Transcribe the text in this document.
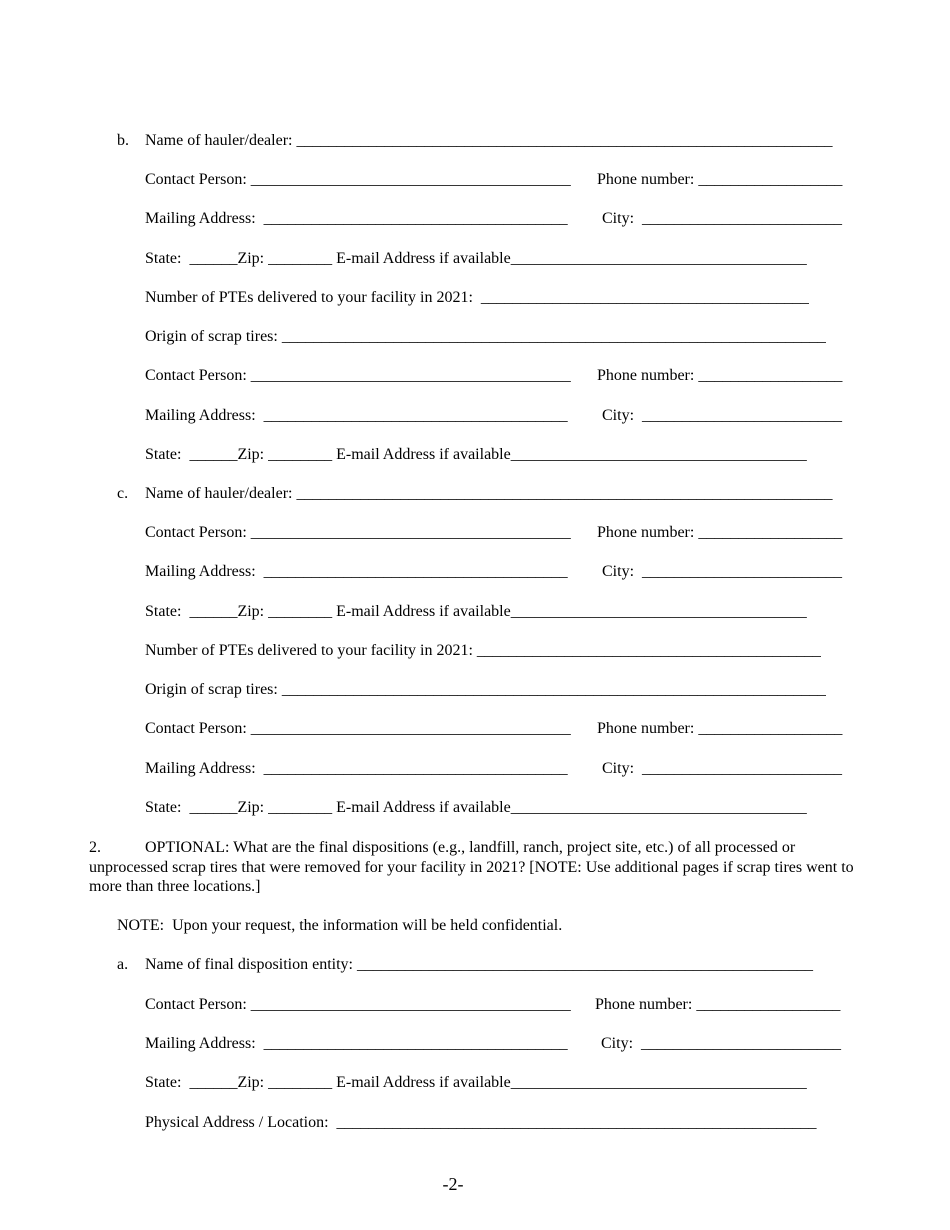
b.

Name of hauler/dealer: ___________________________________________________________________

Contact Person: ________________________________________

Phone number: __________________

Mailing Address:  ______________________________________

City:  _________________________

State:  ______Zip: ________ E-mail Address if available_____________________________________

Number of PTEs delivered to your facility in 2021:  _________________________________________

Origin of scrap tires: ____________________________________________________________________

Contact Person: ________________________________________

Phone number: __________________

Mailing Address:  ______________________________________

City:  _________________________

State:  ______Zip: ________ E-mail Address if available_____________________________________

c.

Name of hauler/dealer: ___________________________________________________________________

Contact Person: ________________________________________

Phone number: __________________

Mailing Address:  ______________________________________

City:  _________________________

State:  ______Zip: ________ E-mail Address if available_____________________________________

Number of PTEs delivered to your facility in 2021: ___________________________________________

Origin of scrap tires: ____________________________________________________________________

Contact Person: ________________________________________

Phone number: __________________

Mailing Address:  ______________________________________

City:  _________________________

State:  ______Zip: ________ E-mail Address if available_____________________________________

2.	OPTIONAL: What are the final dispositions (e.g., landfill, ranch, project site, etc.) of all processed or unprocessed scrap tires that were removed for your facility in 2021? [NOTE: Use additional pages if scrap tires went to more than three locations.]

NOTE:  Upon your request, the information will be held confidential.

a.

Name of final disposition entity: _________________________________________________________

Contact Person: ________________________________________

Phone number: __________________

Mailing Address:  ______________________________________

City:  _________________________

State:  ______Zip: ________ E-mail Address if available_____________________________________

Physical Address / Location:  ____________________________________________________________

-2-
